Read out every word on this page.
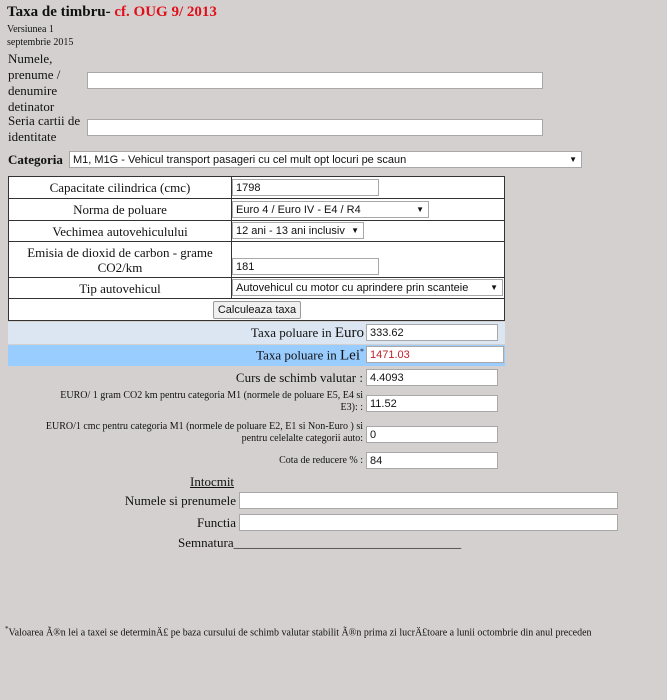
Taxa de timbru- cf. OUG 9/ 2013
Versiunea 1
septembrie 2015
Numele,
prenume /
denumire
detinator
Seria cartii de
identitate
Categoria M1, M1G - Vehicul transport pasageri cu cel mult opt locuri pe scaun	▼
Capacitate cilindrica (cmc)	1798
Norma de poluare	Euro 4 / Euro IV - E4 / R4	▼
Vechimea autovehiculului	12 ani - 13 ani inclusiv ▼
Emisia de dioxid de carbon - grame
CO2/km	181
Tip autovehicul	Autovehicul cu motor cu aprindere prin scanteie	▼
Calculeaza taxa
Taxa poluare in Euro 333.62
Taxa poluare in Lei* 1471.03
Curs de schimb valutar : 4.4093
EURO/ 1 gram CO2 km pentru categoria M1 (normele de poluare E5, E4 si
E3): : 11.52
EURO/1 cmc pentru categoria M1 (normele de poluare E2, E1 si Non-Euro ) si
pentru celelalte categorii auto: 0
Cota de reducere % : 84
Intocmit
Numele si prenumele
Functia
Semnatura___________________________________
*Valoarea Ã®n lei a taxei se determinÄ£ pe baza cursului de schimb valutar stabilit Ã®n prima zi lucrÄ£toare a lunii octombrie din anul preceden
